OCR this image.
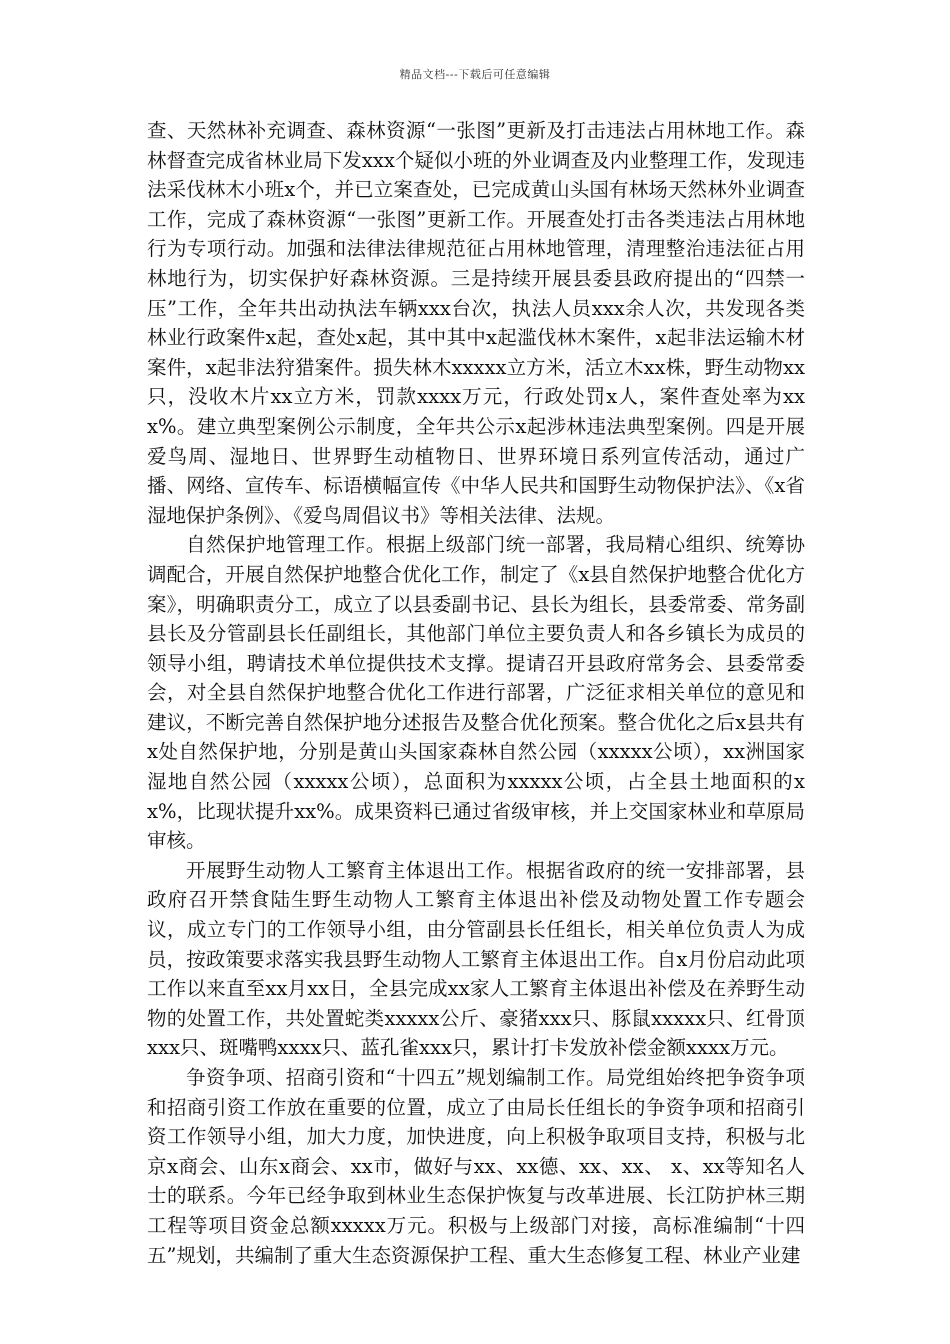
精品文档---下载后可任意编辑

查、天然林补充调查、森林资源“一张图”更新及打击违法占用林地工作。森林督查完成省林业局下发xxx个疑似小班的外业调查及内业整理工作，发现违法采伐林木小班x个，并已立案查处，已完成黄山头国有林场天然林外业调查工作，完成了森林资源“一张图”更新工作。开展查处打击各类违法占用林地行为专项行动。加强和法律法律规范征占用林地管理，清理整治违法征占用林地行为，切实保护好森林资源。三是持续开展县委县政府提出的“四禁一压”工作，全年共出动执法车辆xxx台次，执法人员xxx余人次，共发现各类林业行政案件x起，查处x起，其中其中x起滥伐林木案件，x起非法运输木材案件，x起非法狩猎案件。损失林木xxxxx立方米，活立木xx株，野生动物xx只，没收木片xx立方米，罚款xxxx万元，行政处罚x人，案件查处率为xxx%。建立典型案例公示制度，全年共公示x起涉林违法典型案例。四是开展爱鸟周、湿地日、世界野生动植物日、世界环境日系列宣传活动，通过广播、网络、宣传车、标语横幅宣传《中华人民共和国野生动物保护法》、《x省湿地保护条例》、《爱鸟周倡议书》等相关法律、法规。

自然保护地管理工作。根据上级部门统一部署，我局精心组织、统筹协调配合，开展自然保护地整合优化工作，制定了《x县自然保护地整合优化方案》，明确职责分工，成立了以县委副书记、县长为组长，县委常委、常务副县长及分管副县长任副组长，其他部门单位主要负责人和各乡镇长为成员的领导小组，聘请技术单位提供技术支撑。提请召开县政府常务会、县委常委会，对全县自然保护地整合优化工作进行部署，广泛征求相关单位的意见和建议，不断完善自然保护地分述报告及整合优化预案。整合优化之后x县共有x处自然保护地，分别是黄山头国家森林自然公园（xxxxx公顷），xx洲国家湿地自然公园（xxxxx公顷），总面积为xxxxx公顷，占全县土地面积的xx%，比现状提升xx%。成果资料已通过省级审核，并上交国家林业和草原局审核。

开展野生动物人工繁育主体退出工作。根据省政府的统一安排部署，县政府召开禁食陆生野生动物人工繁育主体退出补偿及动物处置工作专题会议，成立专门的工作领导小组，由分管副县长任组长，相关单位负责人为成员，按政策要求落实我县野生动物人工繁育主体退出工作。自x月份启动此项工作以来直至xx月xx日，全县完成xx家人工繁育主体退出补偿及在养野生动物的处置工作，共处置蛇类xxxxx公斤、豪猪xxx只、豚鼠xxxxx只、红骨顶xxx只、斑嘴鸭xxxx只、蓝孔雀xxx只，累计打卡发放补偿金额xxxx万元。

争资争项、招商引资和“十四五”规划编制工作。局党组始终把争资争项和招商引资工作放在重要的位置，成立了由局长任组长的争资争项和招商引资工作领导小组，加大力度，加快进度，向上积极争取项目支持，积极与北京x商会、山东x商会、xx市，做好与xx、xx德、xx、xx、 x、xx等知名人士的联系。今年已经争取到林业生态保护恢复与改革进展、长江防护林三期工程等项目资金总额xxxxx万元。积极与上级部门对接，高标准编制“十四五”规划，共编制了重大生态资源保护工程、重大生态修复工程、林业产业建
